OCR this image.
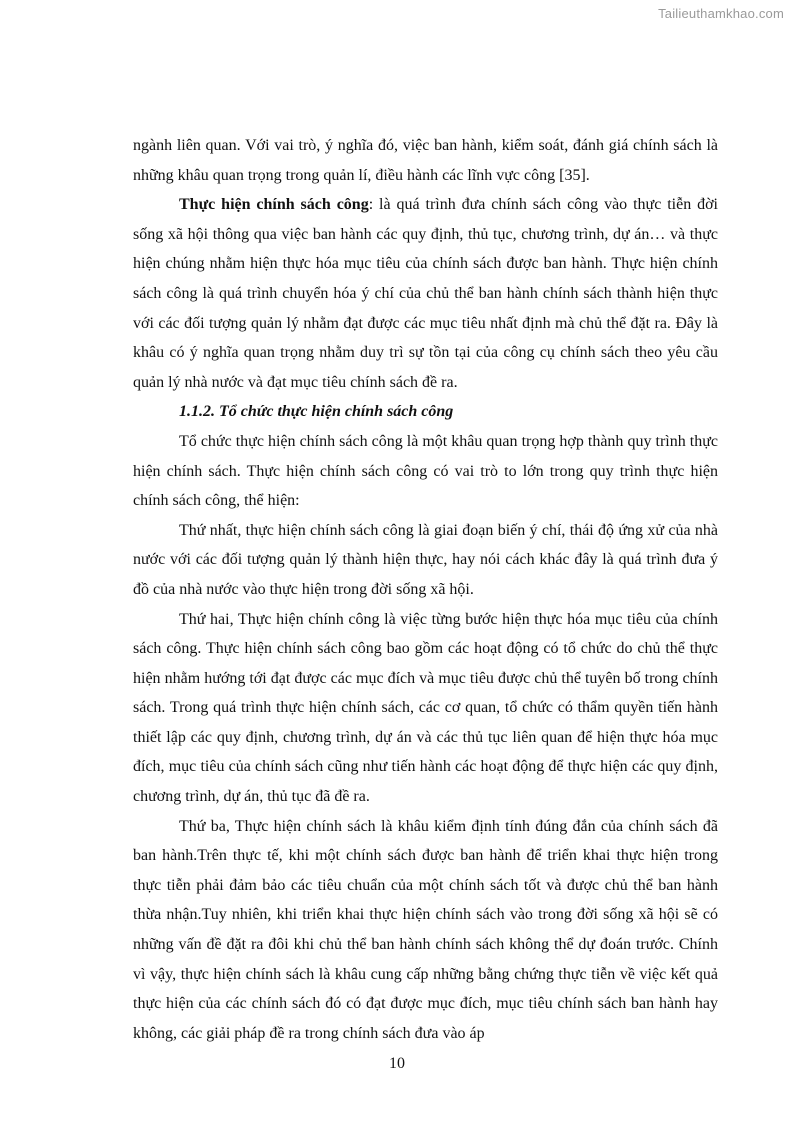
Tailieuthamkhao.com

ngành liên quan. Với vai trò, ý nghĩa đó, việc ban hành, kiểm soát, đánh giá chính sách là những khâu quan trọng trong quản lí, điều hành các lĩnh vực công [35].

Thực hiện chính sách công: là quá trình đưa chính sách công vào thực tiễn đời sống xã hội thông qua việc ban hành các quy định, thủ tục, chương trình, dự án… và thực hiện chúng nhằm hiện thực hóa mục tiêu của chính sách được ban hành. Thực hiện chính sách công là quá trình chuyển hóa ý chí của chủ thể ban hành chính sách thành hiện thực với các đối tượng quản lý nhằm đạt được các mục tiêu nhất định mà chủ thể đặt ra. Đây là khâu có ý nghĩa quan trọng nhằm duy trì sự tồn tại của công cụ chính sách theo yêu cầu quản lý nhà nước và đạt mục tiêu chính sách đề ra.

1.1.2. Tổ chức thực hiện chính sách công

Tổ chức thực hiện chính sách công là một khâu quan trọng hợp thành quy trình thực hiện chính sách. Thực hiện chính sách công có vai trò to lớn trong quy trình thực hiện chính sách công, thể hiện:

Thứ nhất, thực hiện chính sách công là giai đoạn biến ý chí, thái độ ứng xử của nhà nước với các đối tượng quản lý thành hiện thực, hay nói cách khác đây là quá trình đưa ý đồ của nhà nước vào thực hiện trong đời sống xã hội.

Thứ hai, Thực hiện chính công là việc từng bước hiện thực hóa mục tiêu của chính sách công. Thực hiện chính sách công bao gồm các hoạt động có tổ chức do chủ thể thực hiện nhằm hướng tới đạt được các mục đích và mục tiêu được chủ thể tuyên bố trong chính sách. Trong quá trình thực hiện chính sách, các cơ quan, tổ chức có thẩm quyền tiến hành thiết lập các quy định, chương trình, dự án và các thủ tục liên quan để hiện thực hóa mục đích, mục tiêu của chính sách cũng như tiến hành các hoạt động để thực hiện các quy định, chương trình, dự án, thủ tục đã đề ra.

Thứ ba, Thực hiện chính sách là khâu kiểm định tính đúng đắn của chính sách đã ban hành.Trên thực tế, khi một chính sách được ban hành để triển khai thực hiện trong thực tiễn phải đảm bảo các tiêu chuẩn của một chính sách tốt và được chủ thể ban hành thừa nhận.Tuy nhiên, khi triển khai thực hiện chính sách vào trong đời sống xã hội sẽ có những vấn đề đặt ra đôi khi chủ thể ban hành chính sách không thể dự đoán trước. Chính vì vậy, thực hiện chính sách là khâu cung cấp những bằng chứng thực tiễn về việc kết quả thực hiện của các chính sách đó có đạt được mục đích, mục tiêu chính sách ban hành hay không, các giải pháp đề ra trong chính sách đưa vào áp

10
